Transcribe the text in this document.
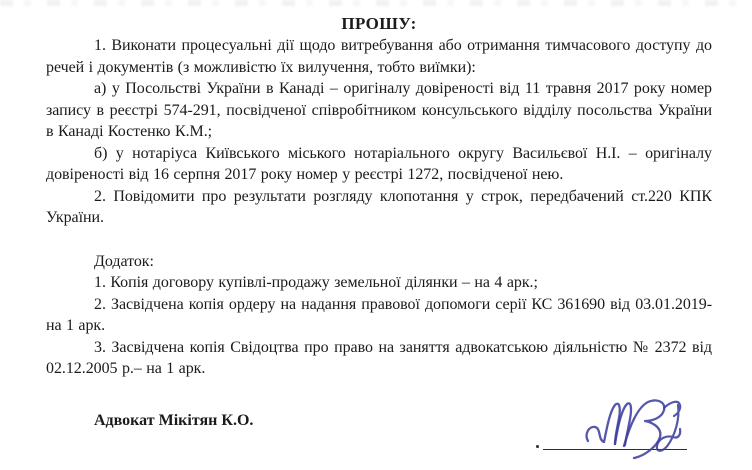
ПРОШУ:

1. Виконати процесуальні дії щодо витребування або отримання тимчасового доступу до речей і документів (з можливістю їх вилучення, тобто виїмки):

а) у Посольстві України в Канаді – оригіналу довіреності від 11 травня 2017 року номер запису в реєстрі 574-291, посвідченої співробітником консульського відділу посольства України в Канаді Костенко К.М.;

б) у нотаріуса Київського міського нотаріального округу Васильєвої Н.І. – оригіналу довіреності від 16 серпня 2017 року номер у реєстрі 1272, посвідченої нею.

2. Повідомити про результати розгляду клопотання у строк, передбачений ст.220 КПК України.

Додаток:

1. Копія договору купівлі-продажу земельної ділянки – на 4 арк.;

2. Засвідчена копія ордеру на надання правової допомоги серії КС 361690 від 03.01.2019- на 1 арк.

3. Засвідчена копія Свідоцтва про право на заняття адвокатською діяльністю № 2372 від 02.12.2005 р.– на 1 арк.

Адвокат Мікітян К.О.
